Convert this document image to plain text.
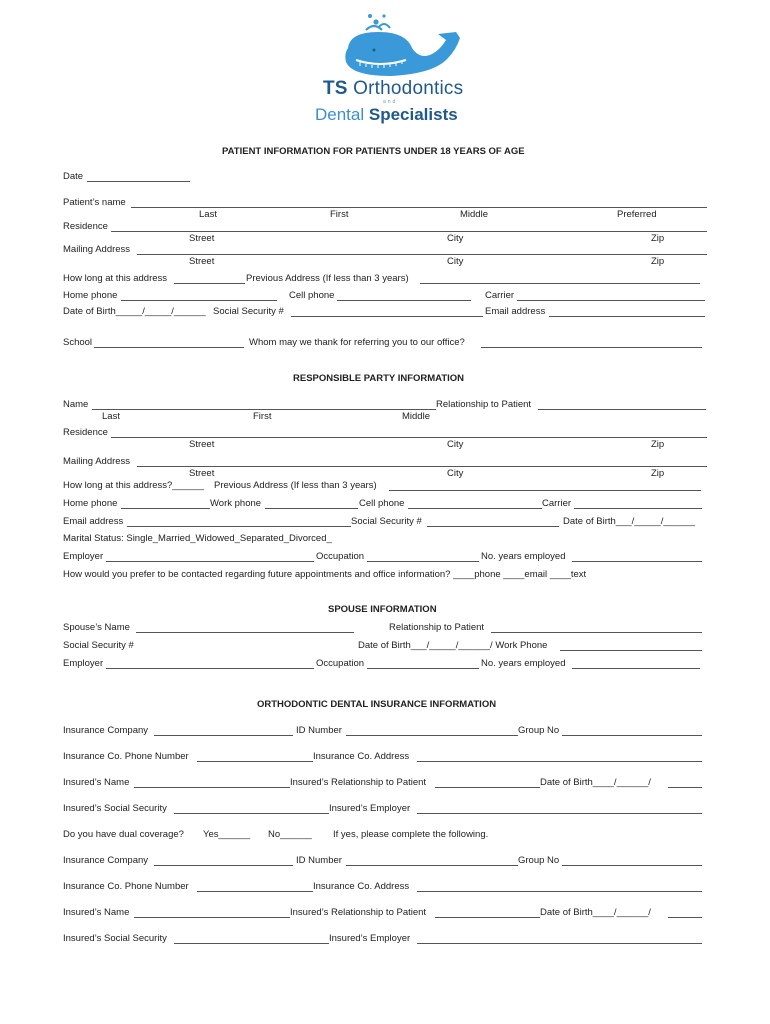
TS Orthodontics
and
Dental Specialists
PATIENT INFORMATION FOR PATIENTS UNDER 18 YEARS OF AGE
Date
Patient’s name
Last	First	Middle	Preferred
Residence
Street	City	Zip
Mailing Address
Street	City	Zip
How long at this address	Previous Address (If less than 3 years)
Home phone	Cell phone	Carrier
Date of Birth_____/_____/______ Social Security #	Email address
School	Whom may we thank for referring you to our office?
RESPONSIBLE PARTY INFORMATION
Name	Relationship to Patient
Last	First	Middle
Residence
Street	City	Zip
Mailing Address
Street	City	Zip
How long at this address?______ Previous Address (If less than 3 years)
Home phone	Work phone	Cell phone	Carrier
Email address	Social Security #	Date of Birth___/_____/______
Marital Status: Single_Married_Widowed_Separated_Divorced_
Employer	Occupation	No. years employed
How would you prefer to be contacted regarding future appointments and office information? ____phone ____email ____text
SPOUSE INFORMATION
Spouse’s Name	Relationship to Patient
Social Security #	Date of Birth___/_____/______/ Work Phone
Employer	Occupation	No. years employed
ORTHODONTIC DENTAL INSURANCE INFORMATION
Insurance Company	ID Number	Group No
Insurance Co. Phone Number	Insurance Co. Address
Insured’s Name	Insured’s Relationship to Patient	Date of Birth____/______/
Insured’s Social Security	Insured’s Employer
Do you have dual coverage? Yes______ No______ If yes, please complete the following.
Insurance Company	ID Number	Group No
Insurance Co. Phone Number	Insurance Co. Address
Insured’s Name	Insured’s Relationship to Patient	Date of Birth____/______/
Insured’s Social Security	Insured’s Employer
